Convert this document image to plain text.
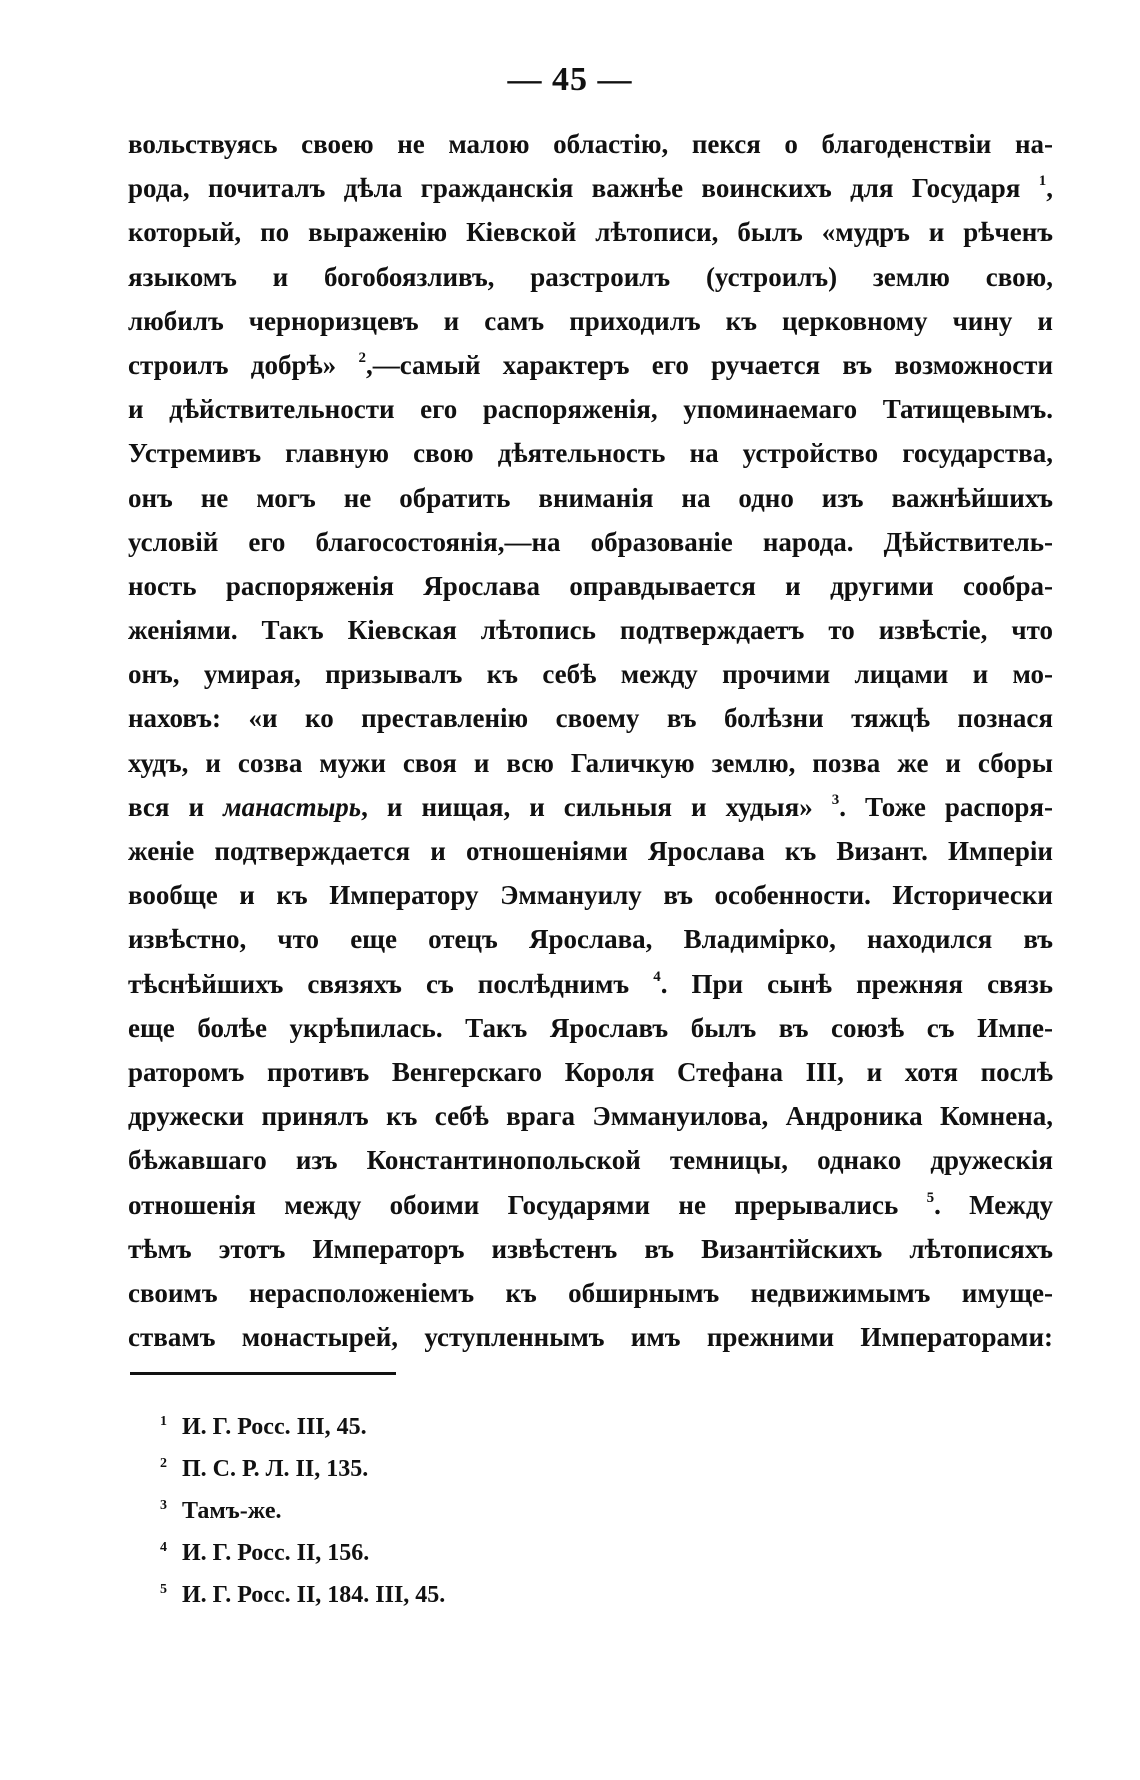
— 45 —
вольствуясь своею не малою областію, пекся о благоденствіи на-
рода, почиталъ дѣла гражданскія важнѣе воинскихъ для Государя $^1$,
который, по выраженію Кіевской лѣтописи, былъ «мудръ и рѣченъ
языкомъ и богобоязливъ, разстроилъ (устроилъ) землю свою,
любилъ черноризцевъ и самъ приходилъ къ церковному чину и
строилъ добрѣ» $^2$,—самый характеръ его ручается въ возможности
и дѣйствительности его распоряженія, упоминаемаго Татищевымъ.
Устремивъ главную свою дѣятельность на устройство государства,
онъ не могъ не обратить вниманія на одно изъ важнѣйшихъ
условій его благосостоянія,—на образованіе народа. Дѣйствитель-
ность распоряженія Ярослава оправдывается и другими сообра-
женіями. Такъ Кіевская лѣтопись подтверждаетъ то извѣстіе, что
онъ, умирая, призывалъ къ себѣ между прочими лицами и мо-
наховъ: «и ко преставленію своему въ болѣзни тяжцѣ познася
худъ, и созва мужи своя и всю Галичкую землю, позва же и сборы
вся и манастырь, и нищая, и сильныя и худыя» $^3$. Тоже распоря-
женіе подтверждается и отношеніями Ярослава къ Визант. Имперіи
вообще и къ Императору Эммануилу въ особенности. Исторически
извѣстно, что еще отецъ Ярослава, Владимірко, находился въ
тѣснѣйшихъ связяхъ съ послѣднимъ $^4$. При сынѣ прежняя связь
еще болѣе укрѣпилась. Такъ Ярославъ былъ въ союзѣ съ Импе-
раторомъ противъ Венгерскаго Короля Стефана III, и хотя послѣ
дружески принялъ къ себѣ врага Эммануилова, Андроника Комнена,
бѣжавшаго изъ Константинопольской темницы, однако дружескія
отношенія между обоими Государями не прерывались $^5$. Между
тѣмъ этотъ Императоръ извѣстенъ въ Византійскихъ лѣтописяхъ
своимъ нерасположеніемъ къ обширнымъ недвижимымъ имуще-
ствамъ монастырей, уступленнымъ имъ прежними Императорами:
1 И. Г. Росс. III, 45.
2 П. С. Р. Л. II, 135.
3 Тамъ-же.
4 И. Г. Росс. II, 156.
5 И. Г. Росс. II, 184. III, 45.
